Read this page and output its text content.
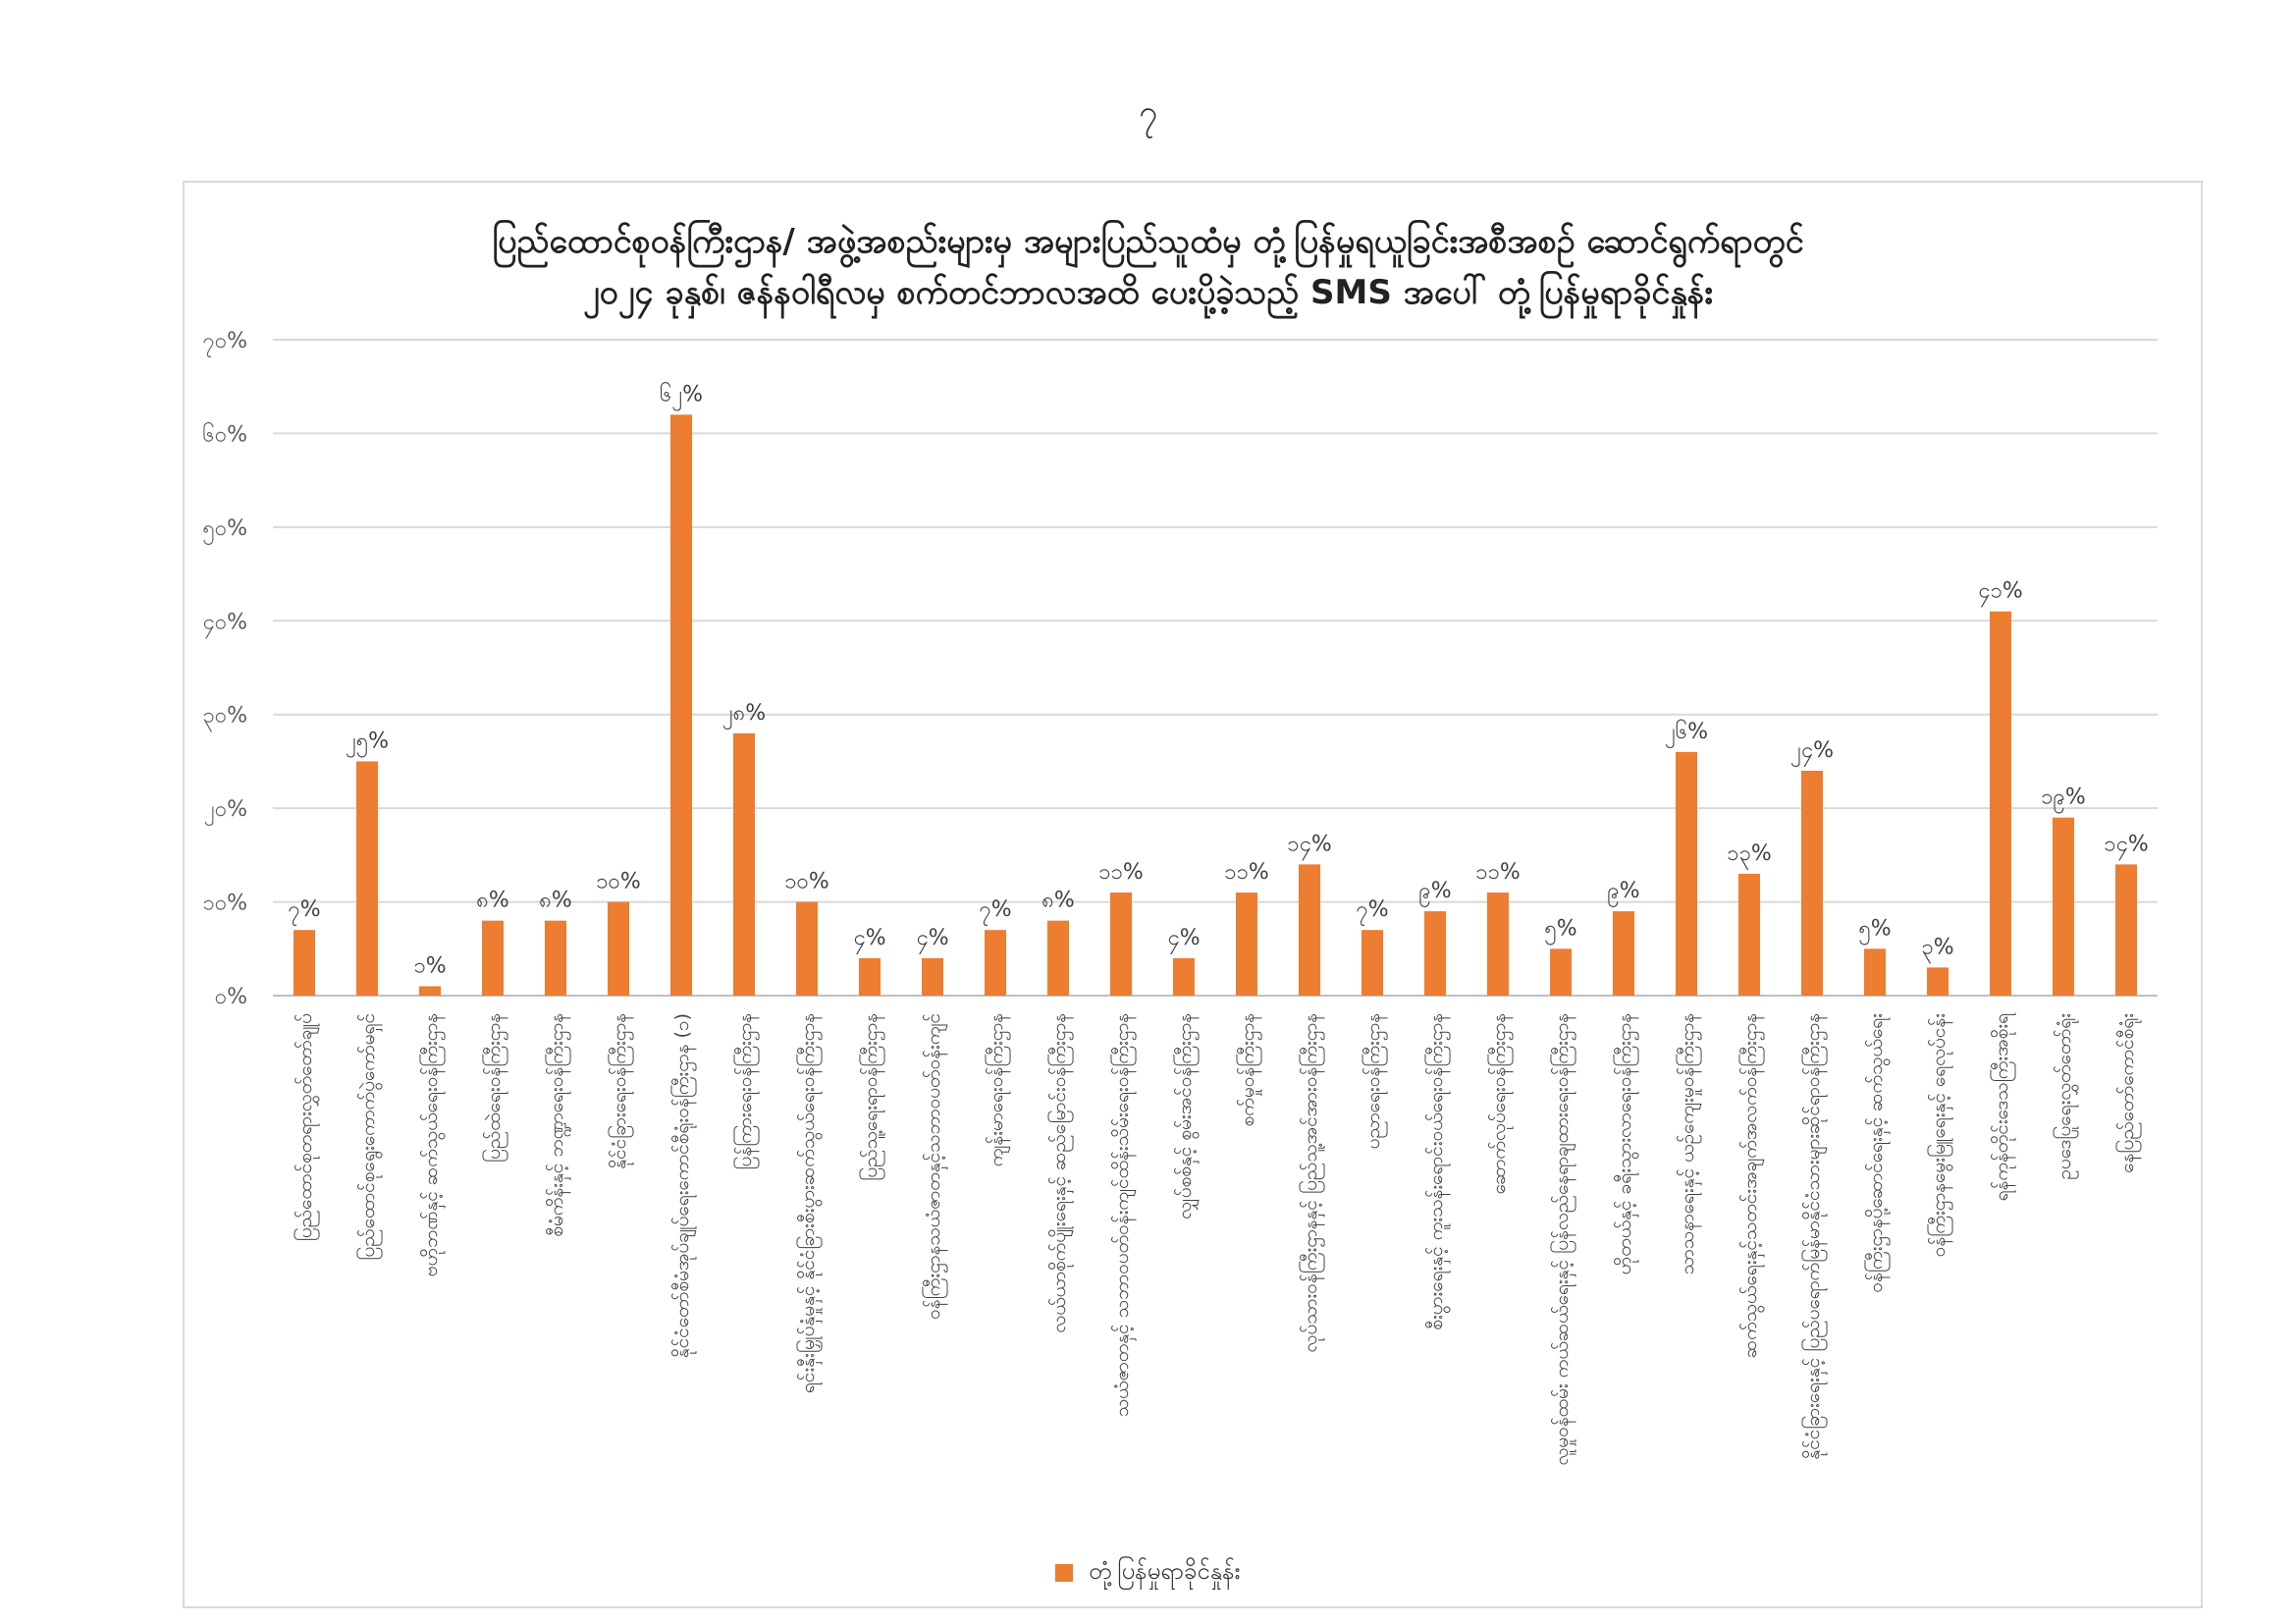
၇
ပြည်ထောင်စုဝန်ကြီးဌာန/ အဖွဲ့အစည်းများမှ အများပြည်သူထံမှ တုံ့ပြန်မှုရယူခြင်းအစီအစဉ် ဆောင်ရွက်ရာတွင်
၂၀၂၄ ခုနှစ်၊ ဇန်နဝါရီလမှ စက်တင်ဘာလအထိ ပေးပို့ခဲ့သည့် SMS အပေါ် တုံ့ပြန်မှုရာခိုင်နှုန်း
၀%
၁၀%
၂၀%
၃၀%
၄၀%
၅၀%
၆၀%
၇၀%
၇%
ပြည်ထောင်စုတရားလွှတ်တော်ချုပ်
၂၅%
ပြည်ထောင်စုရွေးကောက်ပွဲကော်မရှင်
၁%
ဗဟိုဘဏ်နှင့် ဆက်သွယ်ရေးဝန်ကြီးဌာန
၈%
ပြည်ထဲရေးဝန်ကြီးဌာန
၈%
စီမံကိန်းနှင့် ဘဏ္ဍာရေးဝန်ကြီးဌာန
၁၀%
နိုင်ငံခြားရေးဝန်ကြီးဌာန
၆၂%
နိုင်ငံတော်စီမံအုပ်ချုပ်ရေးကောင်စီရုံးဝန်ကြီးဌာန (၁)
၂၈%
ပြန်ကြားရေးဝန်ကြီးဌာန
၁၀%
ရင်းနှီးမြှုပ်နှံမှုနှင့် နိုင်ငံခြားစီးပွားဆက်သွယ်ရေးဝန်ကြီးဌာန
၄%
ပြည်သူ့ရေးရာဝန်ကြီးဌာန
၄%
ဝန်ကြီးဌာနသယံဇာတနှင့်သဘာဝပတ်ဝန်းကျင်
၇%
ကျန်းမာရေးဝန်ကြီးဌာန
၈%
လယ်ယာစိုက်ပျိုးရေးနှင့် ဆည်မြောင်းဝန်ကြီးဌာန
၁၁%
သယံဇာတနှင့် သဘာဝပတ်ဝန်းကျင်ထိန်းသိမ်းရေးဝန်ကြီးဌာန
၄%
လျှပ်စစ်နှင့် စွမ်းအင်ဝန်ကြီးဌာန
၁၁%
စက်မှုဝန်ကြီးဌာန
၁၄%
လုပ်သားဝန်ကြီးဌာနနှင့် ပြည်သူ့အင်အားဝန်ကြီးဌာန
၇%
ပညာရေးဝန်ကြီးဌာန
၉%
စီးပွားရေးနှင့် ကူးသန်းရောင်းဝယ်ရေးဝန်ကြီးဌာန
၁၁%
ဆောက်လုပ်ရေးဝန်ကြီးဌာန
၅%
လူမှုဝန်ထမ်း ကယ်ဆယ်ရေးနှင့် ပြန်လည်နေရာချထားရေးဝန်ကြီးဌာန
၉%
ဟိုတယ်နှင့် ခရီးသွားလာရေးဝန်ကြီးဌာန
၂၆%
သာသနာရေးနှင့် ယဉ်ကျေးမှုဝန်ကြီးဌာန
၁၃%
ဆက်သွယ်ရေးနှင့်သတင်းအချက်အလက်ဝန်ကြီးဌာန
၂၄%
နိုင်ငံခြားရေးနှင့် ပြည်ပရောက်မြန်မာနိုင်ငံသားများဆိုင်ရာဝန်ကြီးဌာန
၅%
ဝန်ကြီးဌာနပို့ဆောင်ရေးနှင့် ဆက်သွယ်ရေး
၃%
ဝန်ကြီးဌာနမွေးမြူရေးနှင့် ရေလုပ်ငန်း
၄၁%
ရန်ကုန်တိုင်းဒေသကြီးအစိုးရ
၁၉%
ဥပဒေပြုရေးလွှတ်တော်ရုံး
၁၄%
နေပြည်တော်ကောင်စီရုံး
တုံ့ပြန်မှုရာခိုင်နှုန်း
